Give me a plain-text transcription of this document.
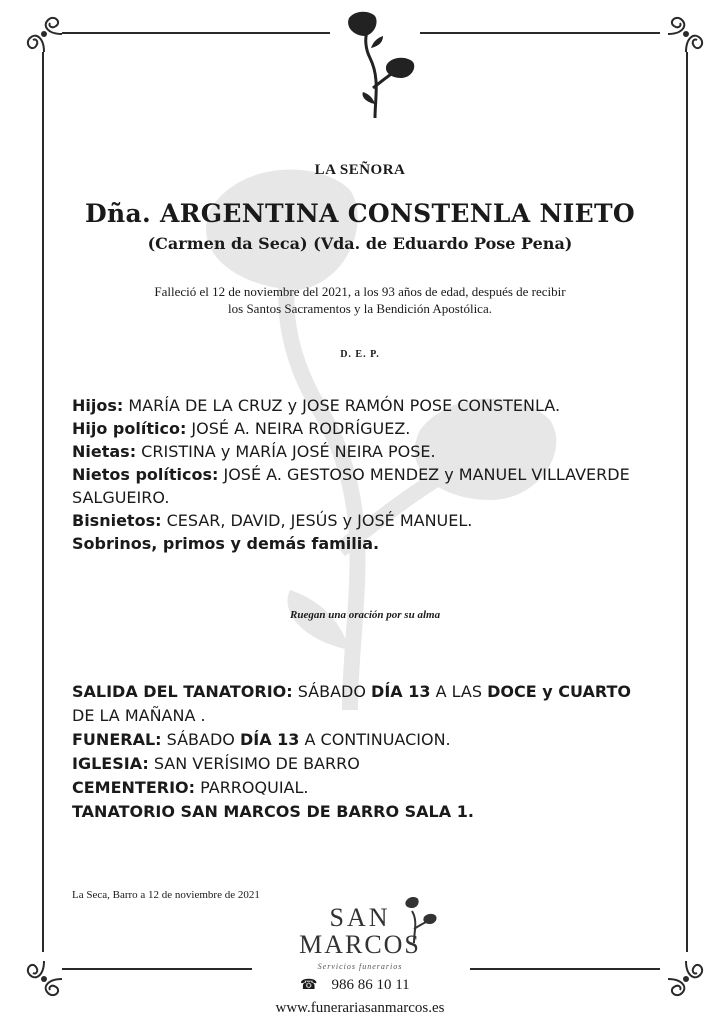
LA SEÑORA
Dña. ARGENTINA CONSTENLA NIETO
(Carmen da Seca) (Vda. de Eduardo Pose Pena)
Falleció el 12 de noviembre del 2021, a los 93 años de edad, después de recibir
los Santos Sacramentos y la Bendición Apostólica.
D. E. P.
Hijos: MARÍA DE LA CRUZ y JOSE RAMÓN POSE CONSTENLA.
Hijo político: JOSÉ A. NEIRA RODRÍGUEZ.
Nietas: CRISTINA y MARÍA JOSÉ NEIRA POSE.
Nietos políticos: JOSÉ A. GESTOSO MENDEZ y MANUEL VILLAVERDE SALGUEIRO.
Bisnietos: CESAR, DAVID, JESÚS y JOSÉ MANUEL.
Sobrinos, primos y demás familia.
Ruegan una oración por su alma
SALIDA DEL TANATORIO: SÁBADO DÍA 13 A LAS DOCE y CUARTO DE LA MAÑANA .
FUNERAL: SÁBADO DÍA 13 A CONTINUACION.
IGLESIA: SAN VERÍSIMO DE BARRO
CEMENTERIO: PARROQUIAL.
TANATORIO SAN MARCOS DE BARRO SALA 1.
La Seca, Barro a 12 de noviembre de 2021
SAN
MARCOS
Servicios funerarios
☎ 986 86 10 11
www.funerariasanmarcos.es
